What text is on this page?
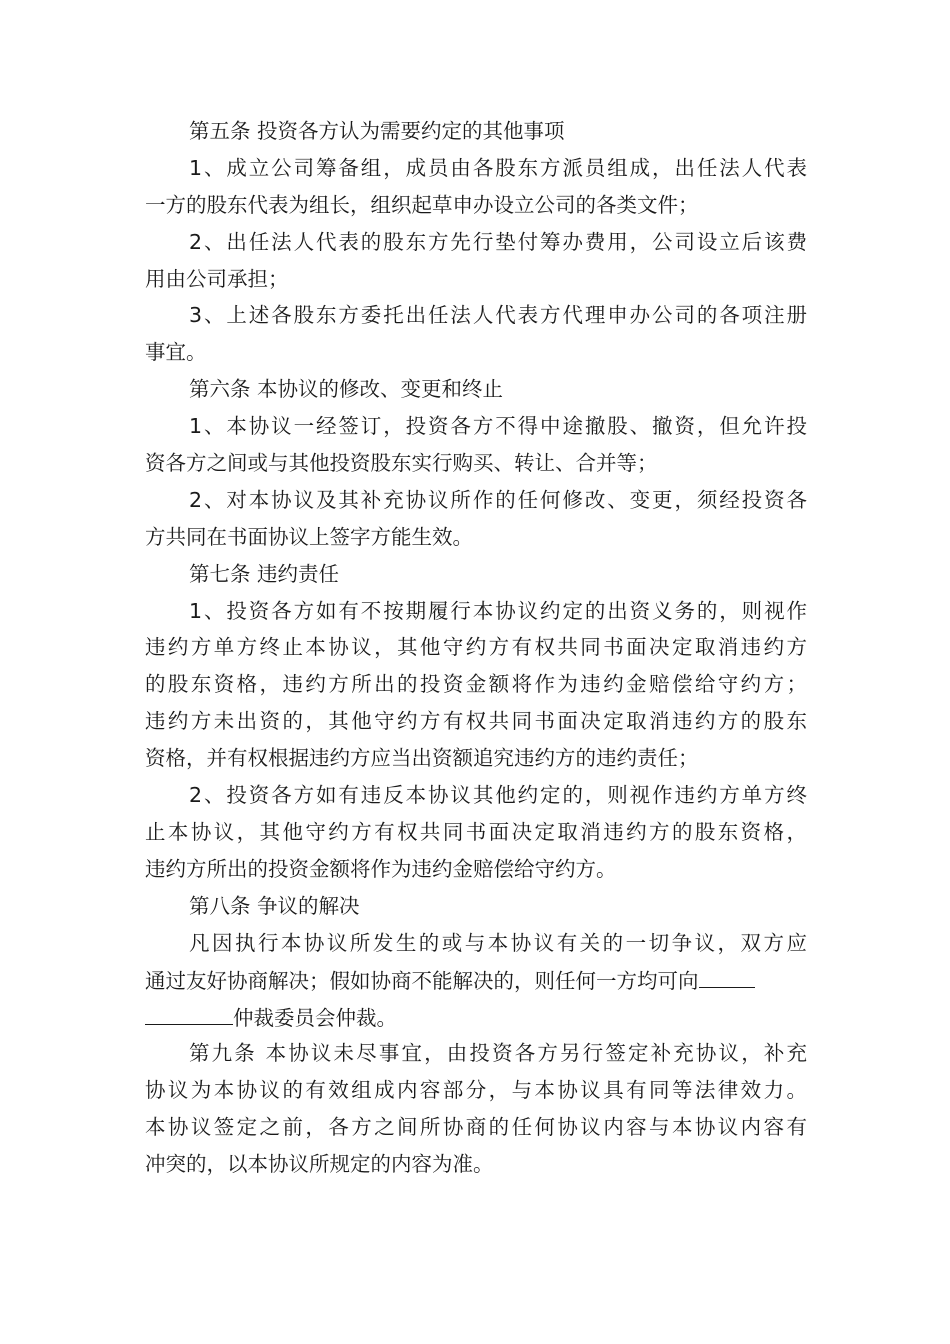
第五条 投资各方认为需要约定的其他事项
1、成立公司筹备组，成员由各股东方派员组成，出任法人代表
一方的股东代表为组长，组织起草申办设立公司的各类文件；
2、出任法人代表的股东方先行垫付筹办费用，公司设立后该费
用由公司承担；
3、上述各股东方委托出任法人代表方代理申办公司的各项注册
事宜。
第六条 本协议的修改、变更和终止
1、本协议一经签订，投资各方不得中途撤股、撤资，但允许投
资各方之间或与其他投资股东实行购买、转让、合并等；
2、对本协议及其补充协议所作的任何修改、变更，须经投资各
方共同在书面协议上签字方能生效。
第七条 违约责任
1、投资各方如有不按期履行本协议约定的出资义务的，则视作
违约方单方终止本协议，其他守约方有权共同书面决定取消违约方
的股东资格，违约方所出的投资金额将作为违约金赔偿给守约方；
违约方未出资的，其他守约方有权共同书面决定取消违约方的股东
资格，并有权根据违约方应当出资额追究违约方的违约责任；
2、投资各方如有违反本协议其他约定的，则视作违约方单方终
止本协议，其他守约方有权共同书面决定取消违约方的股东资格，
违约方所出的投资金额将作为违约金赔偿给守约方。
第八条 争议的解决
凡因执行本协议所发生的或与本协议有关的一切争议，双方应
通过友好协商解决；假如协商不能解决的，则任何一方均可向
仲裁委员会仲裁。
第九条 本协议未尽事宜，由投资各方另行签定补充协议，补充
协议为本协议的有效组成内容部分，与本协议具有同等法律效力。
本协议签定之前，各方之间所协商的任何协议内容与本协议内容有
冲突的，以本协议所规定的内容为准。
